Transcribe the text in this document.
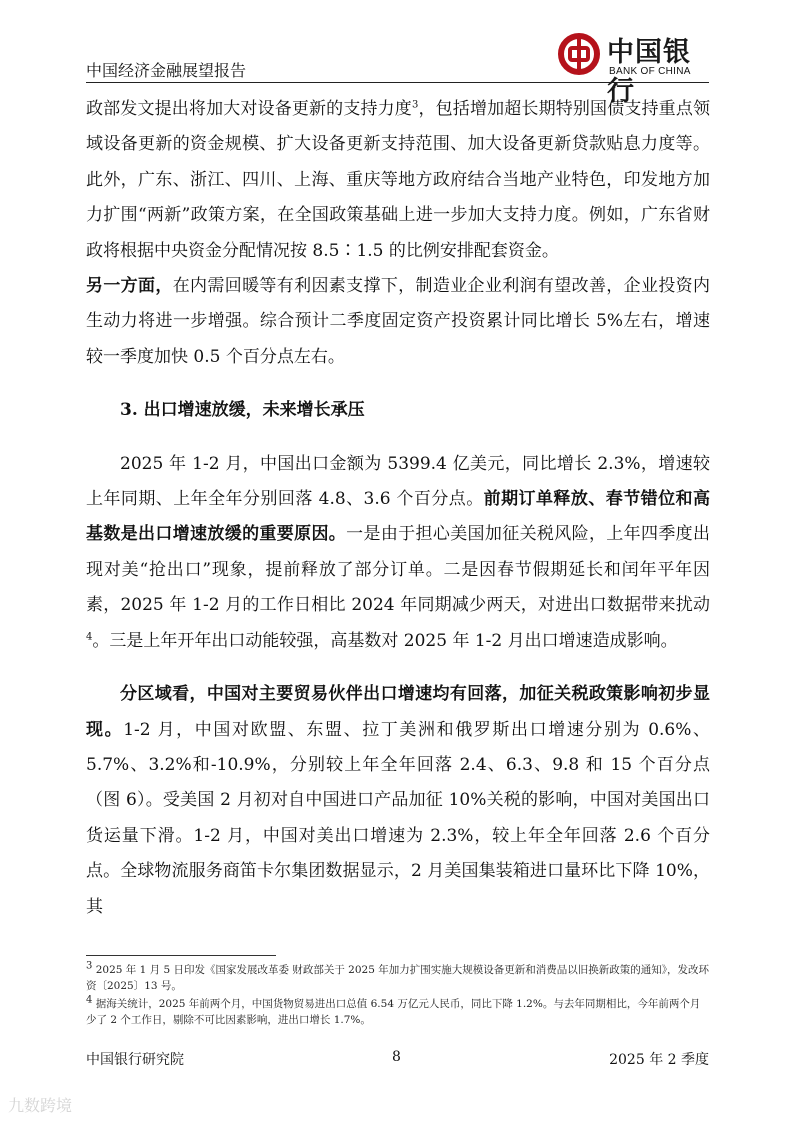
中国经济金融展望报告
中国银行
BANK OF CHINA

政部发文提出将加大对设备更新的支持力度$^3$，包括增加超长期特别国债支持重点领域设备更新的资金规模、扩大设备更新支持范围、加大设备更新贷款贴息力度等。此外，广东、浙江、四川、上海、重庆等地方政府结合当地产业特色，印发地方加力扩围“两新”政策方案，在全国政策基础上进一步加大支持力度。例如，广东省财政将根据中央资金分配情况按 8.5∶1.5 的比例安排配套资金。

另一方面，在内需回暖等有利因素支撑下，制造业企业利润有望改善，企业投资内生动力将进一步增强。综合预计二季度固定资产投资累计同比增长 5%左右，增速较一季度加快 0.5 个百分点左右。

3. 出口增速放缓，未来增长承压

2025 年 1-2 月，中国出口金额为 5399.4 亿美元，同比增长 2.3%，增速较上年同期、上年全年分别回落 4.8、3.6 个百分点。前期订单释放、春节错位和高基数是出口增速放缓的重要原因。一是由于担心美国加征关税风险，上年四季度出现对美“抢出口”现象，提前释放了部分订单。二是因春节假期延长和闰年平年因素，2025 年 1-2 月的工作日相比 2024 年同期减少两天，对进出口数据带来扰动$^4$。三是上年开年出口动能较强，高基数对 2025 年 1-2 月出口增速造成影响。

分区域看，中国对主要贸易伙伴出口增速均有回落，加征关税政策影响初步显现。1-2 月，中国对欧盟、东盟、拉丁美洲和俄罗斯出口增速分别为 0.6%、5.7%、3.2%和-10.9%，分别较上年全年回落 2.4、6.3、9.8 和 15 个百分点（图 6）。受美国 2 月初对自中国进口产品加征 10%关税的影响，中国对美国出口货运量下滑。1-2 月，中国对美出口增速为 2.3%，较上年全年回落 2.6 个百分点。全球物流服务商笛卡尔集团数据显示，2 月美国集装箱进口量环比下降 10%，其

$^3$ 2025 年 1 月 5 日印发《国家发展改革委 财政部关于 2025 年加力扩围实施大规模设备更新和消费品以旧换新政策的通知》，发改环资〔2025〕13 号。

$^4$ 据海关统计，2025 年前两个月，中国货物贸易进出口总值 6.54 万亿元人民币，同比下降 1.2%。与去年同期相比，今年前两个月少了 2 个工作日，剔除不可比因素影响，进出口增长 1.7%。

中国银行研究院	8	2025 年 2 季度
九数跨境
